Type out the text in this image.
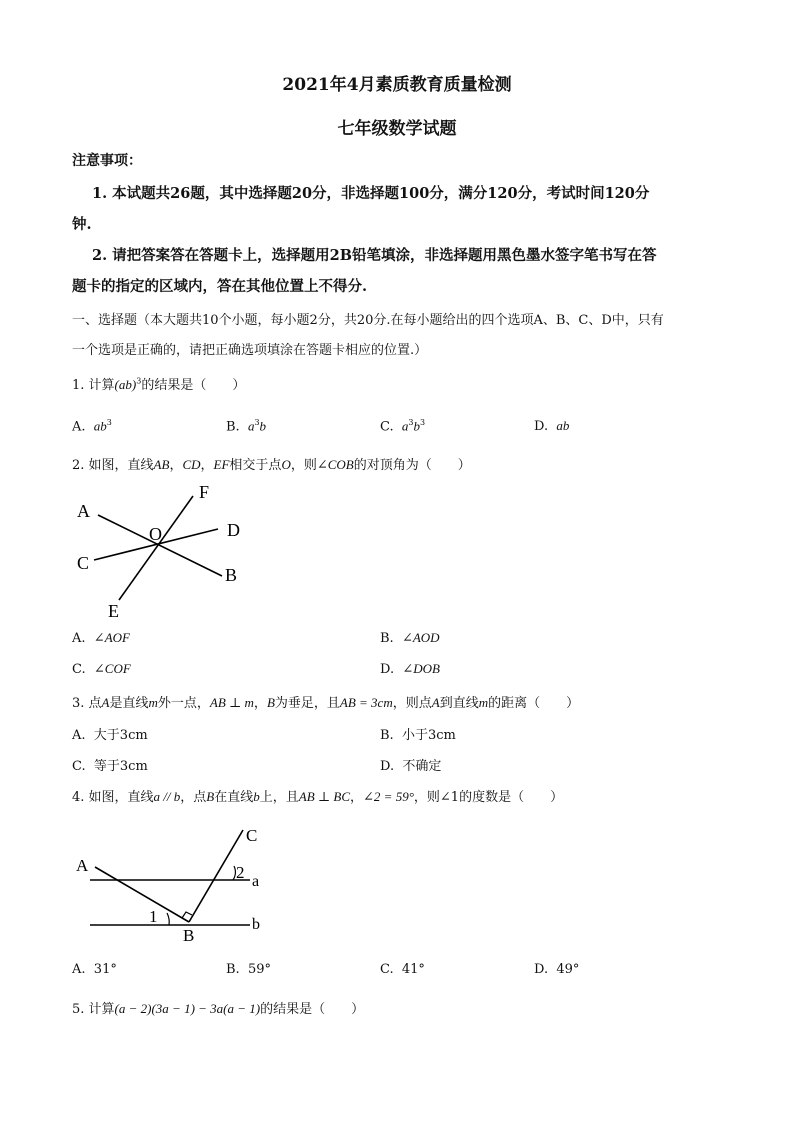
2021年4月素质教育质量检测
七年级数学试题
注意事项：
1. 本试题共26题，其中选择题20分，非选择题100分，满分120分，考试时间120分
钟.
2. 请把答案答在答题卡上，选择题用2B铅笔填涂，非选择题用黑色墨水签字笔书写在答
题卡的指定的区域内，答在其他位置上不得分.
一、选择题（本大题共10个小题，每小题2分，共20分.在每小题给出的四个选项A、B、C、D中，只有
一个选项是正确的，请把正确选项填涂在答题卡相应的位置.）
1. 计算(ab)$^3$的结果是（　　）
A. $ab^3$	B. $a^3b$	C. $a^3b^3$	D. ab
2. 如图，直线AB，CD，EF相交于点O，则∠COB的对顶角为（　　）
A
B
C
D
E
F
O
A. ∠AOF	B. ∠AOD
C. ∠COF	D. ∠DOB
3. 点A是直线m外一点，AB ⊥ m，B为垂足，且AB = 3cm，则点A到直线m的距离（　　）
A. 大于3cm	B. 小于3cm
C. 等于3cm	D. 不确定
4. 如图，直线a // b，点B在直线b上，且AB ⊥ BC，∠2 = 59°，则∠1的度数是（　　）
A
B
C
a
b
1
2
A. 31°	B. 59°	C. 41°	D. 49°
5. 计算(a − 2)(3a − 1) − 3a(a − 1)的结果是（　　）
